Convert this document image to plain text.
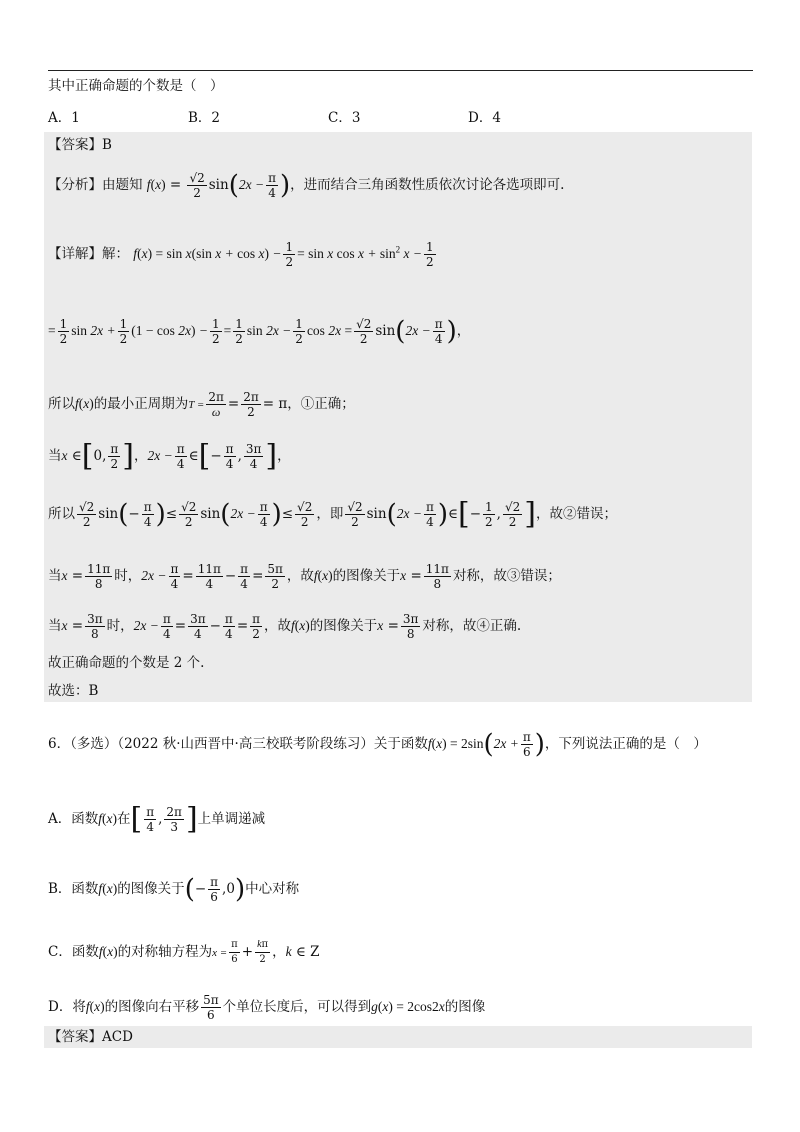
其中正确命题的个数是（　）
A．1	B．2	C．3	D．4
【答案】B
【分析】由题知 $f(x) = \frac{√2}{2} \sin(2x - \frac{\pi}{4}$ )，进而结合三角函数性质依次讨论各选项即可.
【详解】解： f(x) = sin x(sin $x + \cos x) - \frac{1}{2} = \sin x$ $\cos x + \sin^2 x - \frac{1}{2}$
= $\frac{1}{2}$ $\sin 2x + \frac{1}{2} (1 - \cos 2x) - \frac{1}{2} = \frac{1}{2}$ $\sin 2x - \frac{1}{2}$ $\cos 2x = \frac{√2}{2} \sin(2x - \frac{\pi}{4}$ )，
所以f(x)的最小正周期为$T = \frac{2\pi}{\omega} = \frac{2\pi}{2} = \pi$，①正确；
当x ∈[0, $\frac{\pi}{2}$ ]，$2x - \frac{\pi}{4}$ ∈[− $\frac{\pi}{4}$ , $\frac{3\pi}{4}$ ]，
所以 $\frac{√2}{2} \sin(- \frac{\pi}{4}$ )≤ $\frac{√2}{2} \sin(2x - \frac{\pi}{4}$ )≤ $\frac{√2}{2}$ ，即 $\frac{√2}{2} \sin(2x - \frac{\pi}{4}$ )∈[− $\frac{1}{2}$ , $\frac{√2}{2}$ ]，故②错误；
当$x = \frac{11\pi}{8}$ 时，$2x - \frac{\pi}{4} = \frac{11\pi}{4} - \frac{\pi}{4} = \frac{5\pi}{2}$ ，故f(x)的图像关于$x = \frac{11\pi}{8}$ 对称，故③错误；
当$x = \frac{3\pi}{8}$ 时，$2x - \frac{\pi}{4} = \frac{3\pi}{4} - \frac{\pi}{4} = \frac{\pi}{2}$ ，故f(x)的图像关于$x = \frac{3\pi}{8}$ 对称，故④正确.
故正确命题的个数是 2 个.
故选：B
6．（多选）（2022 秋·山西晋中·高三校联考阶段练习）关于函数$f(x) = 2\sin(2x + \frac{\pi}{6}$ )，下列说法正确的是（　）
A．函数f(x)在[ $\frac{\pi}{4}$ , $\frac{2\pi}{3}$ ]上单调递减
B．函数f(x)的图像关于(− $\frac{\pi}{6} ,0$)中心对称
C．函数f(x)的对称轴方程为$x = \frac{\pi}{6} + \frac{k\pi}{2}$ ，k ∈ Z
D．将f(x)的图像向右平移 $\frac{5\pi}{6}$ 个单位长度后，可以得到g(x) = 2cos2x的图像
【答案】ACD
